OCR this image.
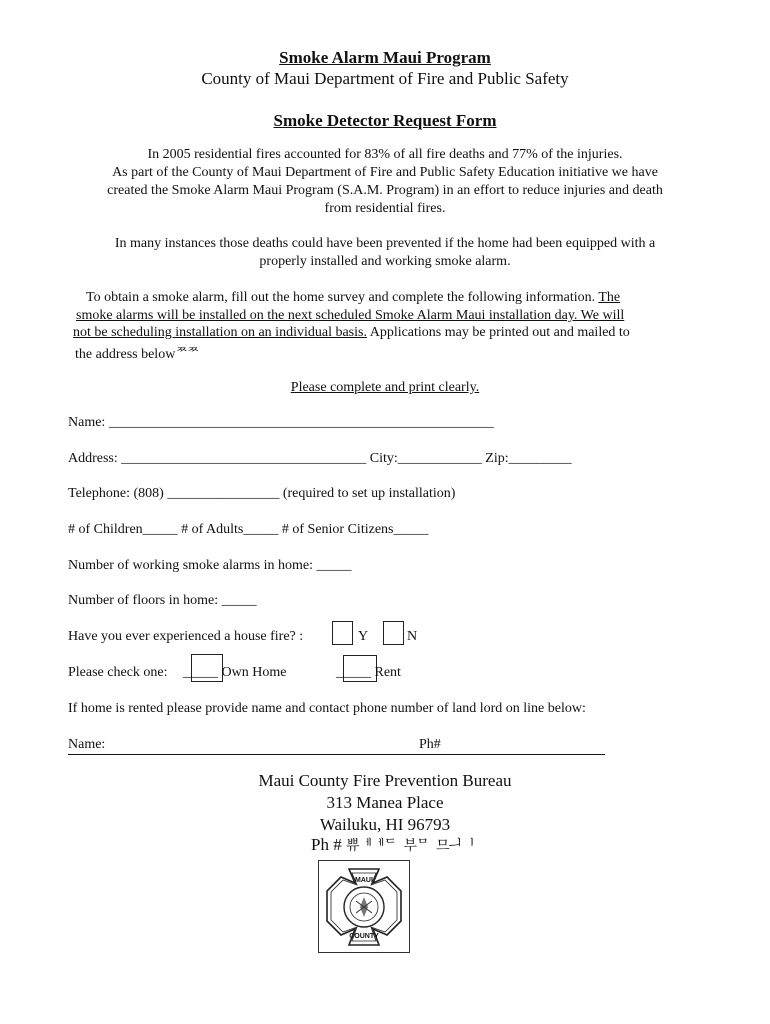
Smoke Alarm Maui Program
County of Maui Department of Fire and Public Safety
Smoke Detector Request Form
In 2005 residential fires accounted for 83% of all fire deaths and 77% of the injuries.
As part of the County of Maui Department of Fire and Public Safety Education initiative we have
created the Smoke Alarm Maui Program (S.A.M. Program) in an effort to reduce injuries and death
from residential fires.
In many instances those deaths could have been prevented if the home had been equipped with a
properly installed and working smoke alarm.
To obtain a smoke alarm, fill out the home survey and complete the following information. The
smoke alarms will be installed on the next scheduled Smoke Alarm Maui installation day. We will
not be scheduling installation on an individual basis. Applications may be printed out and mailed to
the address belowᄍᄍ
Please complete and print clearly.
Name: _______________________________________________________
Address: ___________________________________ City:____________ Zip:_________
Telephone: (808) ________________ (required to set up installation)
# of Children_____ # of Adults_____ # of Senior Citizens_____
Number of working smoke alarms in home: _____
Number of floors in home: _____
Have you ever experienced a house fire? :	Y	N
Please check one: _____ Own Home	_____ Rent
If home is rented please provide name and contact phone number of land lord on line below:
Name:	Ph#
Maui County Fire Prevention Bureau
313 Manea Place
Wailuku, HI 96793
Ph # 쀼ᅦᅦᄃ 부ᄆ 므ᅴᅵ
MAUI
COUNTY
